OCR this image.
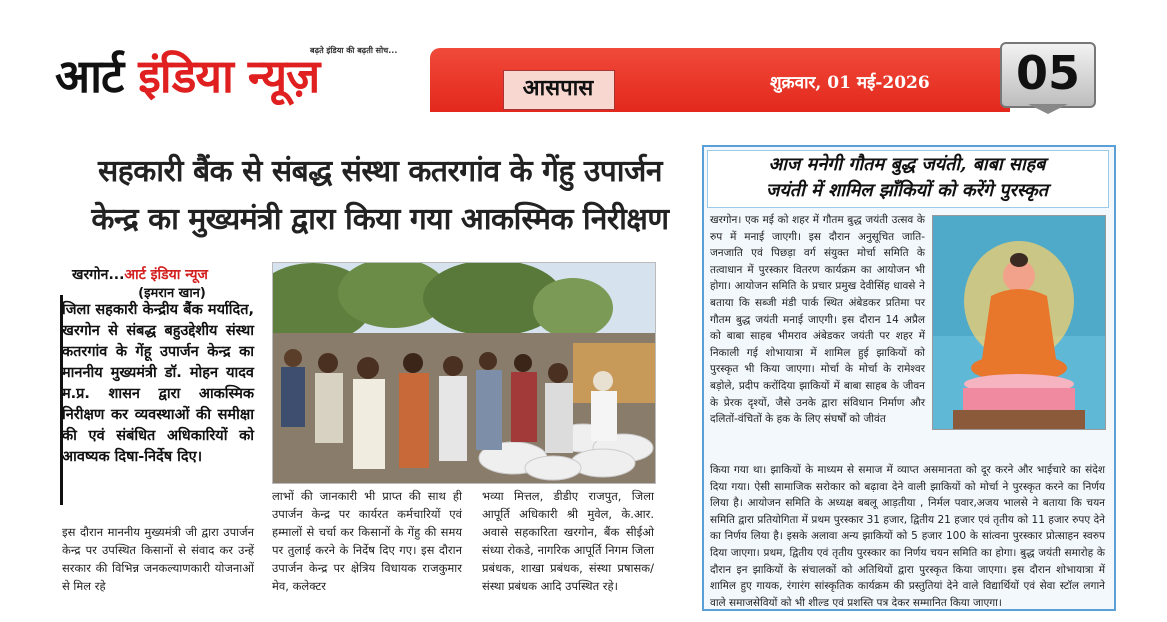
आर्ट इंडिया न्यूज़
बढ़ते इंडिया की बढ़ती सोच...
आसपास	शुक्रवार, 01 मई-2026	05
सहकारी बैंक से संबद्ध संस्था कतरगांव के गेंहु उपार्जन
केन्द्र का मुख्यमंत्री द्वारा किया गया आकस्मिक निरीक्षण
खरगोन...आर्ट इंडिया न्यूज
(इमरान खान)
जिला सहकारी केन्द्रीय बैंक मर्यादित, खरगोन से संबद्ध बहुउद्देशीय संस्था कतरगांव के गेंहू उपार्जन केन्द्र का माननीय मुख्यमंत्री डॉ. मोहन यादव म.प्र. शासन द्वारा आकस्मिक निरीक्षण कर व्यवस्थाओं की समीक्षा की एवं संबंधित अधिकारियों को आवष्यक दिषा-निर्देष दिए।
इस दौरान माननीय मुख्यमंत्री जी द्वारा उपार्जन केन्द्र पर उपस्थित किसानों से संवाद कर उन्हें सरकार की विभिन्न जनकल्याणकारी योजनाओं से मिल रहे
लाभों की जानकारी भी प्राप्त की साथ ही उपार्जन केन्द्र पर कार्यरत कर्मचारियों एवं हम्मालों से चर्चा कर किसानों के गेंहु की समय पर तुलाई करने के निर्देष दिए गए। इस दौरान उपार्जन केन्द्र पर क्षेत्रिय विधायक राजकुमार मेव, कलेक्टर
भव्या मित्तल, डीडीए राजपुत, जिला आपूर्ति अधिकारी श्री मुवेल, के.आर. अवासे सहकारिता खरगोन, बैंक सीईओ संध्या रोकडे, नागरिक आपूर्ति निगम जिला प्रबंधक, शाखा प्रबंधक, संस्था प्रषासक/ संस्था प्रबंधक आदि उपस्थित रहे।
आज मनेगी गौतम बुद्ध जयंती, बाबा साहब
जयंती में शामिल झाँकियों को करेंगे पुरस्कृत
खरगोन। एक मई को शहर में गौतम बुद्ध जयंती उत्सव के रुप में मनाई जाएगी। इस दौरान अनुसूचित जाति-जनजाति एवं पिछड़ा वर्ग संयुक्त मोर्चा समिति के तत्वाधान में पुरस्कार वितरण कार्यक्रम का आयोजन भी होगा। आयोजन समिति के प्रचार प्रमुख देवीसिंह धावसे ने बताया कि सब्जी मंडी पार्क स्थित अंबेडकर प्रतिमा पर गौतम बुद्ध जयंती मनाई जाएगी। इस दौरान 14 अप्रैल को बाबा साहब भीमराव अंबेडकर जयंती पर शहर में निकाली गई शोभायात्रा में शामिल हुई झाकियों को पुरस्कृत भी किया जाएगा। मोर्चा के मोर्चा के रामेश्वर बड़ोले, प्रदीप करोंदिया झाकियों में बाबा साहब के जीवन के प्रेरक दृश्यों, जैसे उनके द्वारा संविधान निर्माण और दलितों-वंचितों के हक के लिए संघर्षों को जीवंत
किया गया था। झाकियों के माध्यम से समाज में व्याप्त असमानता को दूर करने और भाईचारे का संदेश दिया गया। ऐसी सामाजिक सरोकार को बढ़ावा देने वाली झाकियों को मोर्चा ने पुरस्कृत करने का निर्णय लिया है। आयोजन समिति के अध्यक्ष बबलू आड़तीया , निर्मल पवार,अजय भालसे ने बताया कि चयन समिति द्वारा प्रतियोगिता में प्रथम पुरस्कार 31 हजार, द्वितीय 21 हजार एवं तृतीय को 11 हजार रुपए देने का निर्णय लिया है। इसके अलावा अन्य झाकियों को 5 हजार 100 के सांत्वना पुरस्कार प्रोत्साहन स्वरुप दिया जाएगा। प्रथम, द्वितीय एवं तृतीय पुरस्कार का निर्णय चयन समिति का होगा। बुद्ध जयंती समारोह के दौरान इन झाकियों के संचालकों को अतिथियों द्वारा पुरस्कृत किया जाएगा। इस दौरान शोभायात्रा में शामिल हुए गायक, रंगारंग सांस्कृतिक कार्यक्रम की प्रस्तुतियां देने वाले विद्यार्थियों एवं सेवा स्टॉल लगाने वाले समाजसेवियों को भी शील्ड एवं प्रशस्ति पत्र देकर सम्मानित किया जाएगा।
